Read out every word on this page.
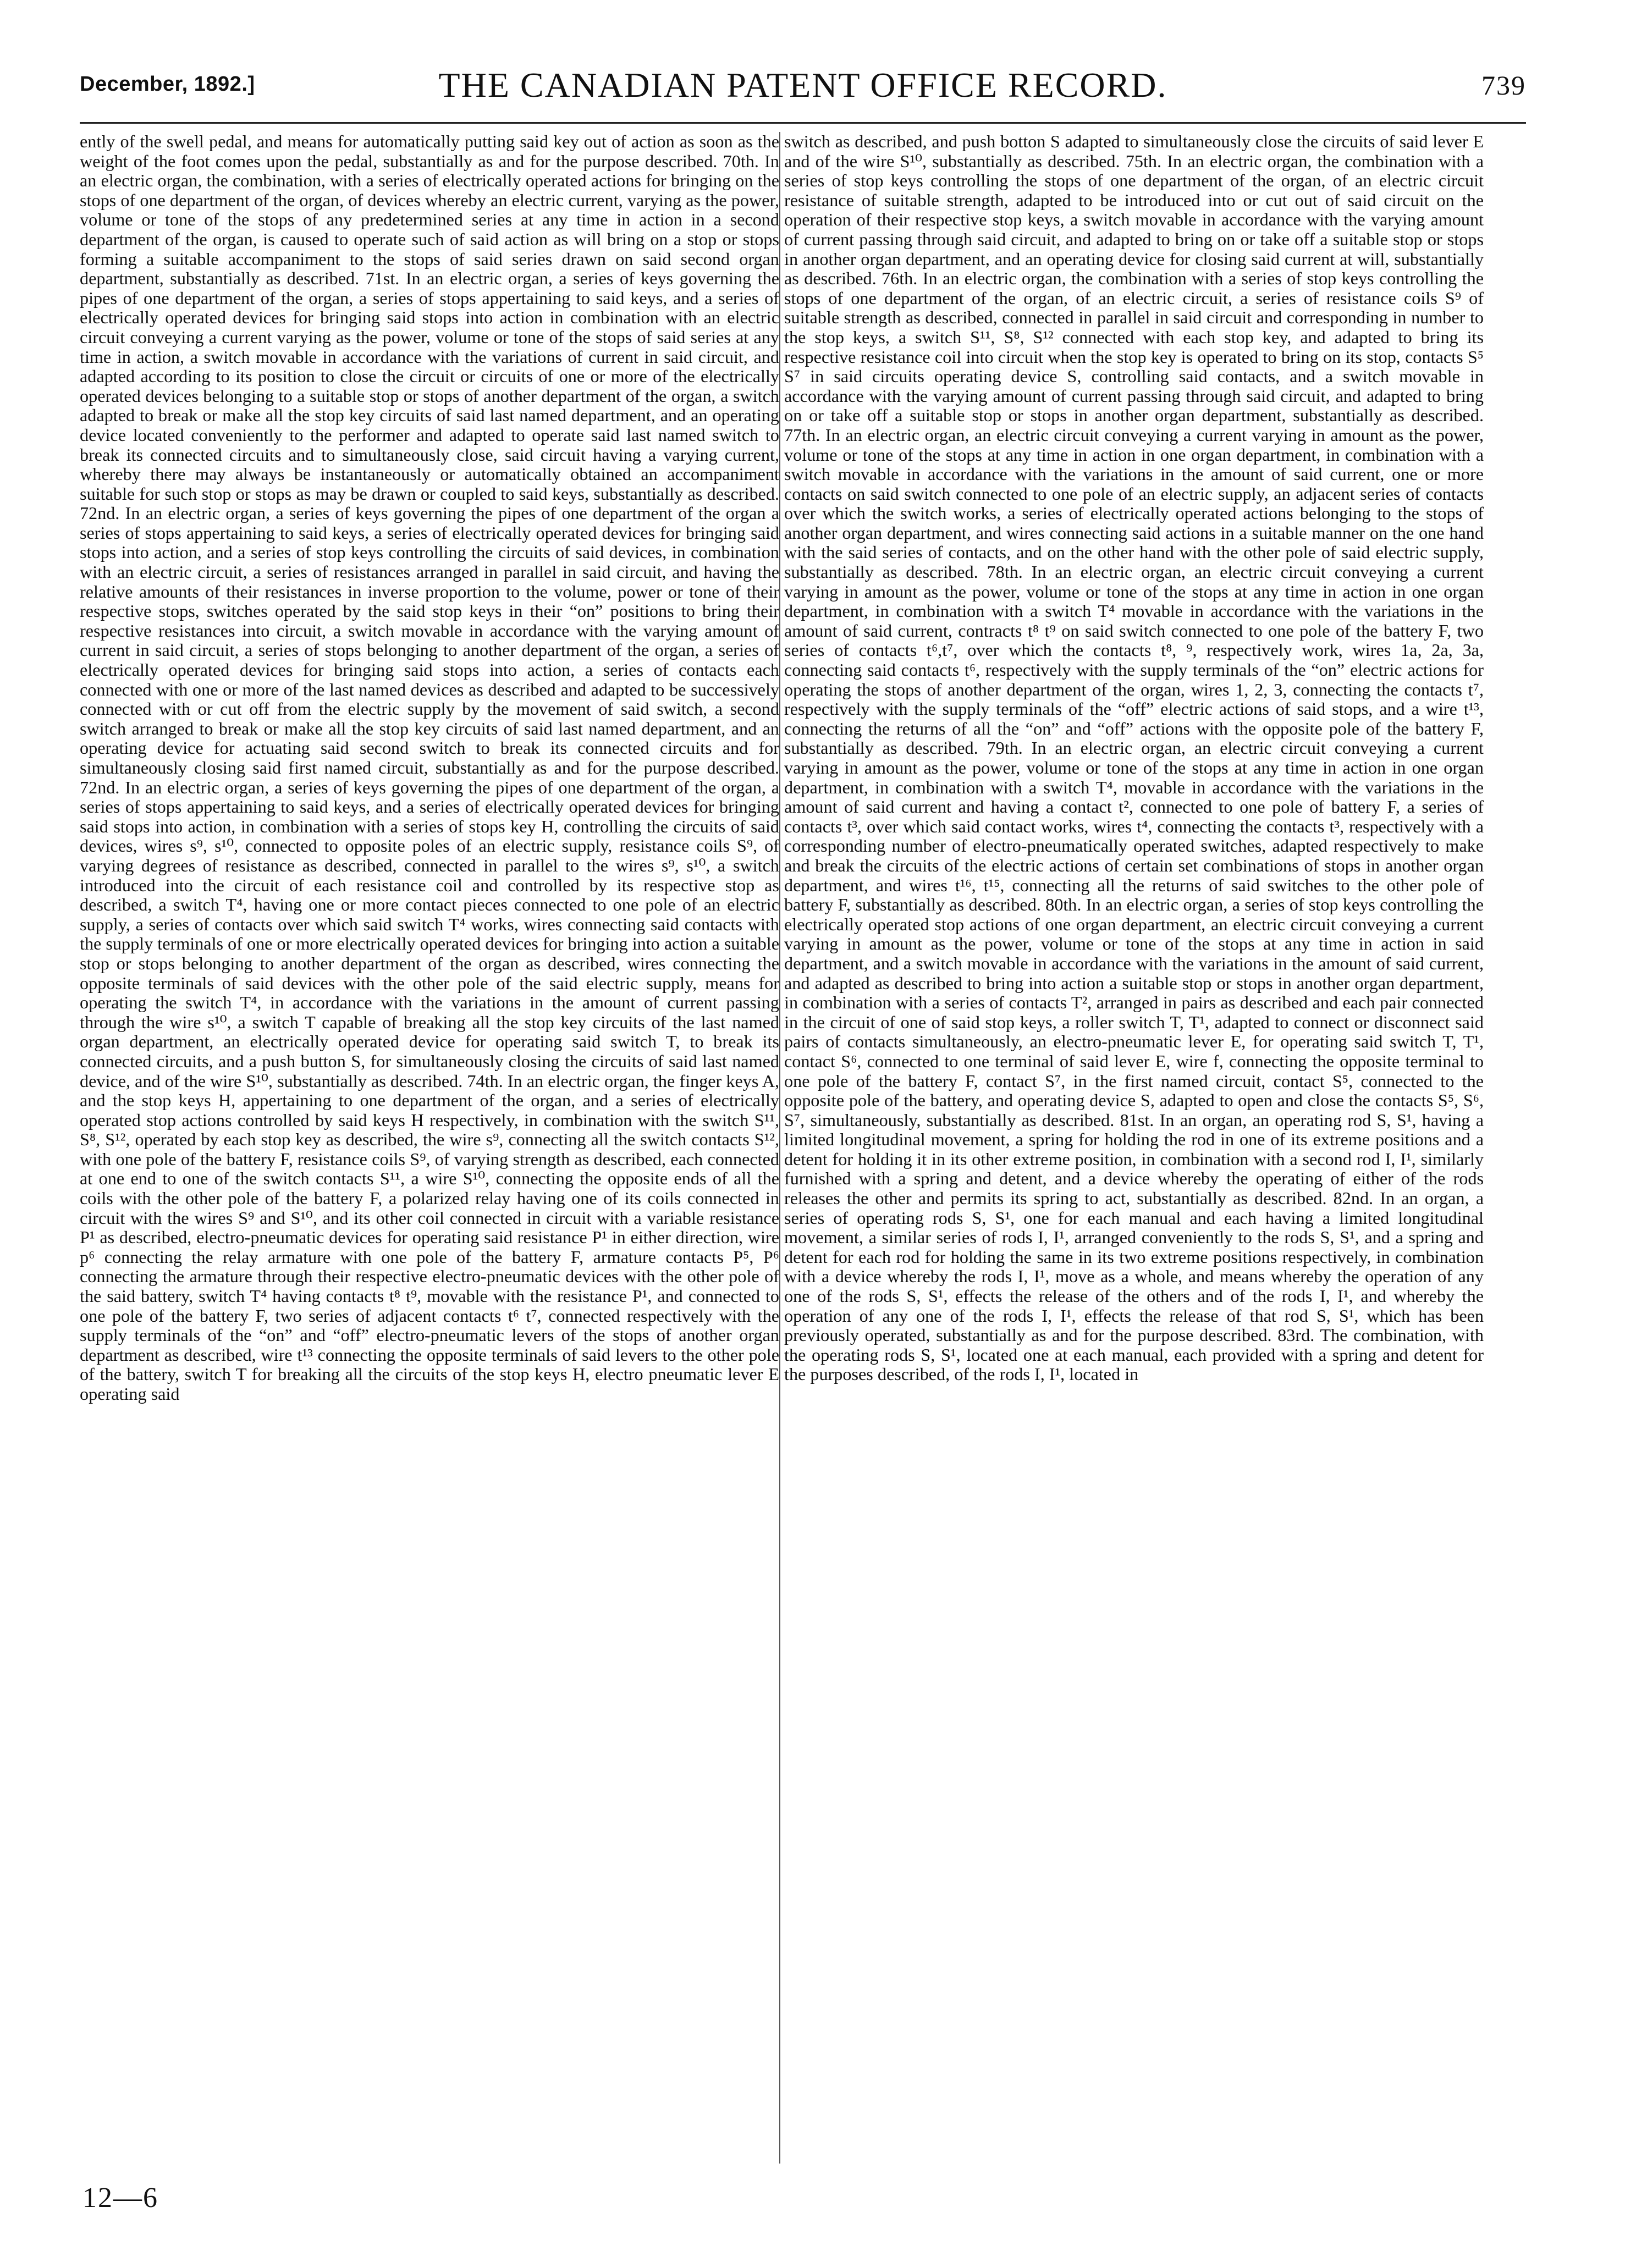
December, 1892.]	THE CANADIAN PATENT OFFICE RECORD.	739

ently of the swell pedal, and means for automatically putting said key out of action as soon as the weight of the foot comes upon the pedal, substantially as and for the purpose described. 70th. In an electric organ, the combination, with a series of electrically operated actions for bringing on the stops of one department of the organ, of devices whereby an electric current, varying as the power, volume or tone of the stops of any predetermined series at any time in action in a second department of the organ, is caused to operate such of said action as will bring on a stop or stops forming a suitable accompaniment to the stops of said series drawn on said second organ department, substantially as described. 71st. In an electric organ, a series of keys governing the pipes of one department of the organ, a series of stops appertaining to said keys, and a series of electrically operated devices for bringing said stops into action in combination with an electric circuit conveying a current varying as the power, volume or tone of the stops of said series at any time in action, a switch movable in accordance with the variations of current in said circuit, and adapted according to its position to close the circuit or circuits of one or more of the electrically operated devices belonging to a suitable stop or stops of another department of the organ, a switch adapted to break or make all the stop key circuits of said last named department, and an operating device located conveniently to the performer and adapted to operate said last named switch to break its connected circuits and to simultaneously close, said circuit having a varying current, whereby there may always be instantaneously or automatically obtained an accompaniment suitable for such stop or stops as may be drawn or coupled to said keys, substantially as described. 72nd. In an electric organ, a series of keys governing the pipes of one department of the organ a series of stops appertaining to said keys, a series of electrically operated devices for bringing said stops into action, and a series of stop keys controlling the circuits of said devices, in combination with an electric circuit, a series of resistances arranged in parallel in said circuit, and having the relative amounts of their resistances in inverse proportion to the volume, power or tone of their respective stops, switches operated by the said stop keys in their “on” positions to bring their respective resistances into circuit, a switch movable in accordance with the varying amount of current in said circuit, a series of stops belonging to another department of the organ, a series of electrically operated devices for bringing said stops into action, a series of contacts each connected with one or more of the last named devices as described and adapted to be successively connected with or cut off from the electric supply by the movement of said switch, a second switch arranged to break or make all the stop key circuits of said last named department, and an operating device for actuating said second switch to break its connected circuits and for simultaneously closing said first named circuit, substantially as and for the purpose described. 72nd. In an electric organ, a series of keys governing the pipes of one department of the organ, a series of stops appertaining to said keys, and a series of electrically operated devices for bringing said stops into action, in combination with a series of stops key H, controlling the circuits of said devices, wires s⁹, s¹⁰, connected to opposite poles of an electric supply, resistance coils S⁹, of varying degrees of resistance as described, connected in parallel to the wires s⁹, s¹⁰, a switch introduced into the circuit of each resistance coil and controlled by its respective stop as described, a switch T⁴, having one or more contact pieces connected to one pole of an electric supply, a series of contacts over which said switch T⁴ works, wires connecting said contacts with the supply terminals of one or more electrically operated devices for bringing into action a suitable stop or stops belonging to another department of the organ as described, wires connecting the opposite terminals of said devices with the other pole of the said electric supply, means for operating the switch T⁴, in accordance with the variations in the amount of current passing through the wire s¹⁰, a switch T capable of breaking all the stop key circuits of the last named organ department, an electrically operated device for operating said switch T, to break its connected circuits, and a push button S, for simultaneously closing the circuits of said last named device, and of the wire S¹⁰, substantially as described. 74th. In an electric organ, the finger keys A, and the stop keys H, appertaining to one department of the organ, and a series of electrically operated stop actions controlled by said keys H respectively, in combination with the switch S¹¹, S⁸, S¹², operated by each stop key as described, the wire s⁹, connecting all the switch contacts S¹², with one pole of the battery F, resistance coils S⁹, of varying strength as described, each connected at one end to one of the switch contacts S¹¹, a wire S¹⁰, connecting the opposite ends of all the coils with the other pole of the battery F, a polarized relay having one of its coils connected in circuit with the wires S⁹ and S¹⁰, and its other coil connected in circuit with a variable resistance P¹ as described, electro-pneumatic devices for operating said resistance P¹ in either direction, wire p⁶ connecting the relay armature with one pole of the battery F, armature contacts P⁵, P⁶ connecting the armature through their respective electro-pneumatic devices with the other pole of the said battery, switch T⁴ having contacts t⁸ t⁹, movable with the resistance P¹, and connected to one pole of the battery F, two series of adjacent contacts t⁶ t⁷, connected respectively with the supply terminals of the “on” and “off” electro-pneumatic levers of the stops of another organ department as described, wire t¹³ connecting the opposite terminals of said levers to the other pole of the battery, switch T for breaking all the circuits of the stop keys H, electro pneumatic lever E operating said

switch as described, and push botton S adapted to simultaneously close the circuits of said lever E and of the wire S¹⁰, substantially as described. 75th. In an electric organ, the combination with a series of stop keys controlling the stops of one department of the organ, of an electric circuit resistance of suitable strength, adapted to be introduced into or cut out of said circuit on the operation of their respective stop keys, a switch movable in accordance with the varying amount of current passing through said circuit, and adapted to bring on or take off a suitable stop or stops in another organ department, and an operating device for closing said current at will, substantially as described. 76th. In an electric organ, the combination with a series of stop keys controlling the stops of one department of the organ, of an electric circuit, a series of resistance coils S⁹ of suitable strength as described, connected in parallel in said circuit and corresponding in number to the stop keys, a switch S¹¹, S⁸, S¹² connected with each stop key, and adapted to bring its respective resistance coil into circuit when the stop key is operated to bring on its stop, contacts S⁵ S⁷ in said circuits operating device S, controlling said contacts, and a switch movable in accordance with the varying amount of current passing through said circuit, and adapted to bring on or take off a suitable stop or stops in another organ department, substantially as described. 77th. In an electric organ, an electric circuit conveying a current varying in amount as the power, volume or tone of the stops at any time in action in one organ department, in combination with a switch movable in accordance with the variations in the amount of said current, one or more contacts on said switch connected to one pole of an electric supply, an adjacent series of contacts over which the switch works, a series of electrically operated actions belonging to the stops of another organ department, and wires connecting said actions in a suitable manner on the one hand with the said series of contacts, and on the other hand with the other pole of said electric supply, substantially as described. 78th. In an electric organ, an electric circuit conveying a current varying in amount as the power, volume or tone of the stops at any time in action in one organ department, in combination with a switch T⁴ movable in accordance with the variations in the amount of said current, contracts t⁸ t⁹ on said switch connected to one pole of the battery F, two series of contacts t⁶,t⁷, over which the contacts t⁸, ⁹, respectively work, wires 1a, 2a, 3a, connecting said contacts t⁶, respectively with the supply terminals of the “on” electric actions for operating the stops of another department of the organ, wires 1, 2, 3, connecting the contacts t⁷, respectively with the supply terminals of the “off” electric actions of said stops, and a wire t¹³, connecting the returns of all the “on” and “off” actions with the opposite pole of the battery F, substantially as described. 79th. In an electric organ, an electric circuit conveying a current varying in amount as the power, volume or tone of the stops at any time in action in one organ department, in combination with a switch T⁴, movable in accordance with the variations in the amount of said current and having a contact t², connected to one pole of battery F, a series of contacts t³, over which said contact works, wires t⁴, connecting the contacts t³, respectively with a corresponding number of electro-pneumatically operated switches, adapted respectively to make and break the circuits of the electric actions of certain set combinations of stops in another organ department, and wires t¹⁶, t¹⁵, connecting all the returns of said switches to the other pole of battery F, substantially as described. 80th. In an electric organ, a series of stop keys controlling the electrically operated stop actions of one organ department, an electric circuit conveying a current varying in amount as the power, volume or tone of the stops at any time in action in said department, and a switch movable in accordance with the variations in the amount of said current, and adapted as described to bring into action a suitable stop or stops in another organ department, in combination with a series of contacts T², arranged in pairs as described and each pair connected in the circuit of one of said stop keys, a roller switch T, T¹, adapted to connect or disconnect said pairs of contacts simultaneously, an electro-pneumatic lever E, for operating said switch T, T¹, contact S⁶, connected to one terminal of said lever E, wire f, connecting the opposite terminal to one pole of the battery F, contact S⁷, in the first named circuit, contact S⁵, connected to the opposite pole of the battery, and operating device S, adapted to open and close the contacts S⁵, S⁶, S⁷, simultaneously, substantially as described. 81st. In an organ, an operating rod S, S¹, having a limited longitudinal movement, a spring for holding the rod in one of its extreme positions and a detent for holding it in its other extreme position, in combination with a second rod I, I¹, similarly furnished with a spring and detent, and a device whereby the operating of either of the rods releases the other and permits its spring to act, substantially as described. 82nd. In an organ, a series of operating rods S, S¹, one for each manual and each having a limited longitudinal movement, a similar series of rods I, I¹, arranged conveniently to the rods S, S¹, and a spring and detent for each rod for holding the same in its two extreme positions respectively, in combination with a device whereby the rods I, I¹, move as a whole, and means whereby the operation of any one of the rods S, S¹, effects the release of the others and of the rods I, I¹, and whereby the operation of any one of the rods I, I¹, effects the release of that rod S, S¹, which has been previously operated, substantially as and for the purpose described. 83rd. The combination, with the operating rods S, S¹, located one at each manual, each provided with a spring and detent for the purposes described, of the rods I, I¹, located in

12—6
